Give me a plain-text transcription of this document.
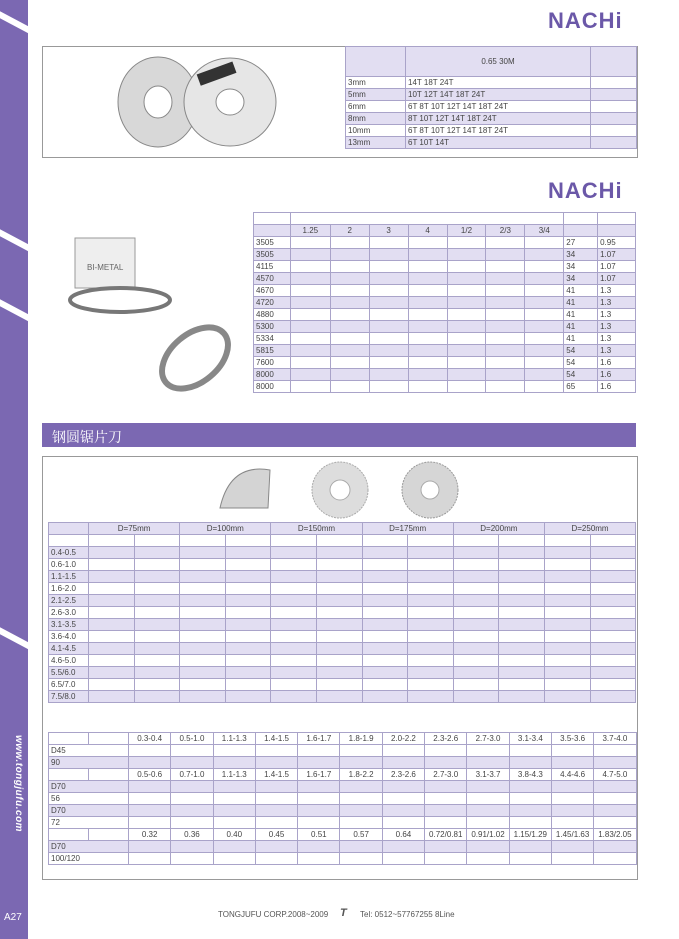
www.tongjufu.com
A27
NACHi
NACHi
	0.65 30M	
3mm	14T 18T 24T	
5mm	10T 12T 14T 18T 24T	
6mm	6T 8T 10T 12T 14T 18T 24T	
8mm	8T 10T 12T 14T 18T 24T	
10mm	6T 8T 10T 12T 14T 18T 24T	
13mm	6T 10T 14T	
BI-METAL

	1.25	2	3	4	1/2	2/3	3/4		
3505								27	0.95
3505								34	1.07
4115								34	1.07
4570								34	1.07
4670								41	1.3
4720								41	1.3
4880								41	1.3
5300								41	1.3
5334								41	1.3
5815								54	1.3
7600								54	1.6
8000								54	1.6
8000								65	1.6
钢圆锯片刀
	D=75mm		D=100mm		D=150mm		D=175mm		D=200mm		D=250mm	

0.4-0.5												
0.6-1.0												
1.1-1.5												
1.6-2.0												
2.1-2.5												
2.6-3.0												
3.1-3.5												
3.6-4.0												
4.1-4.5												
4.6-5.0												
5.5/6.0												
6.5/7.0												
7.5/8.0												
		0.3-0.4	0.5-1.0	1.1-1.3	1.4-1.5	1.6-1.7	1.8-1.9	2.0-2.2	2.3-2.6	2.7-3.0	3.1-3.4	3.5-3.6	3.7-4.0
D45													
90													
		0.5-0.6	0.7-1.0	1.1-1.3	1.4-1.5	1.6-1.7	1.8-2.2	2.3-2.6	2.7-3.0	3.1-3.7	3.8-4.3	4.4-4.6	4.7-5.0
D70													
56													
D70													
72													
		0.32	0.36	0.40	0.45	0.51	0.57	0.64	0.72/0.81	0.91/1.02	1.15/1.29	1.45/1.63	1.83/2.05
D70													
100/120													
TONGJUFU CORP.2008~2009 T Tel: 0512~57767255 8Line
